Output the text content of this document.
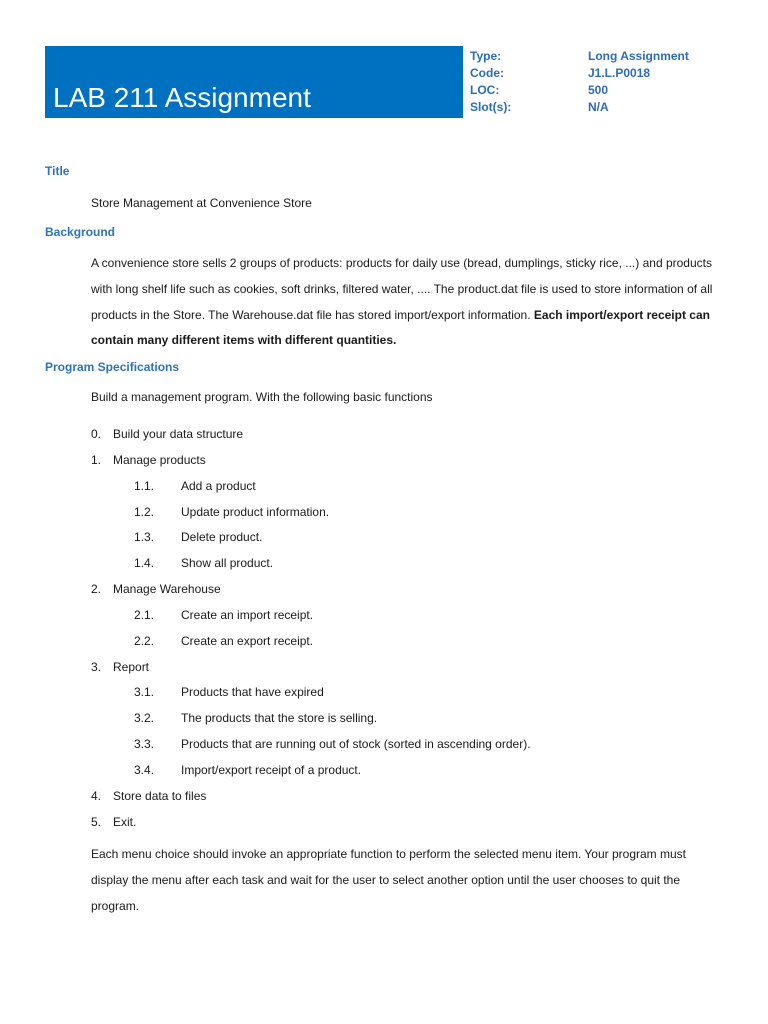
LAB 211 Assignment
Type:	Long Assignment
Code:	J1.L.P0018
LOC:	500
Slot(s):	N/A
Title
Store Management at Convenience Store
Background
A convenience store sells 2 groups of products: products for daily use (bread, dumplings, sticky rice, ...) and products with long shelf life such as cookies, soft drinks, filtered water, .... The product.dat file is used to store information of all products in the Store. The Warehouse.dat file has stored import/export information. Each import/export receipt can contain many different items with different quantities.
Program Specifications
Build a management program. With the following basic functions
0. Build your data structure
1. Manage products
1.1. Add a product
1.2. Update product information.
1.3. Delete product.
1.4. Show all product.
2. Manage Warehouse
2.1. Create an import receipt.
2.2. Create an export receipt.
3. Report
3.1. Products that have expired
3.2. The products that the store is selling.
3.3. Products that are running out of stock (sorted in ascending order).
3.4. Import/export receipt of a product.
4. Store data to files
5. Exit.
Each menu choice should invoke an appropriate function to perform the selected menu item. Your program must display the menu after each task and wait for the user to select another option until the user chooses to quit the program.
